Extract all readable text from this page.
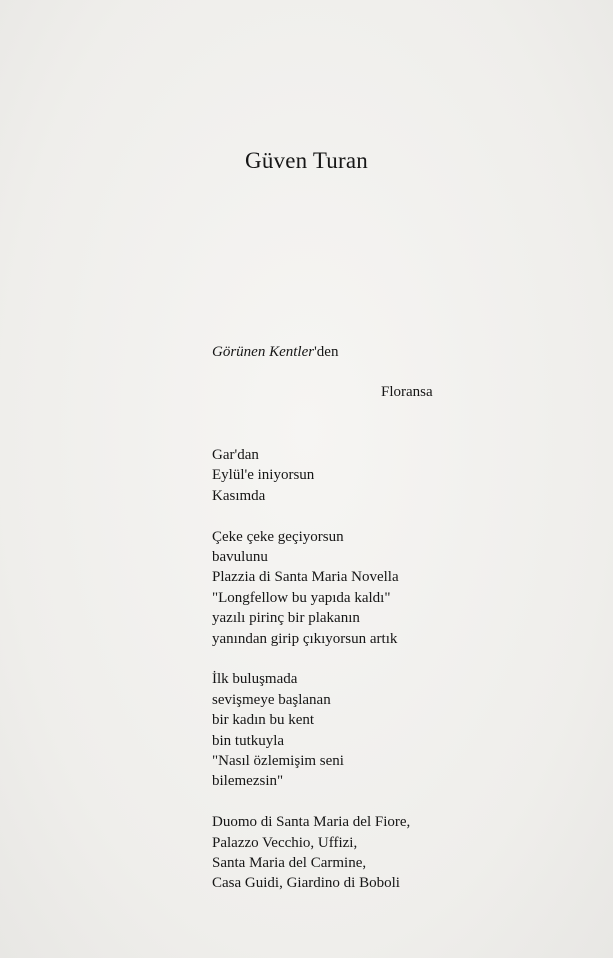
Güven Turan
Görünen Kentler'den
Floransa
Gar'dan
Eylül'e iniyorsun
Kasımda
Çeke çeke geçiyorsun
bavulunu
Plazzia di Santa Maria Novella
"Longfellow bu yapıda kaldı"
yazılı pirinç bir plakanın
yanından girip çıkıyorsun artık
İlk buluşmada
sevişmeye başlanan
bir kadın bu kent
bin tutkuyla
"Nasıl özlemişim seni
bilemezsin"
Duomo di Santa Maria del Fiore,
Palazzo Vecchio, Uffizi,
Santa Maria del Carmine,
Casa Guidi, Giardino di Boboli
